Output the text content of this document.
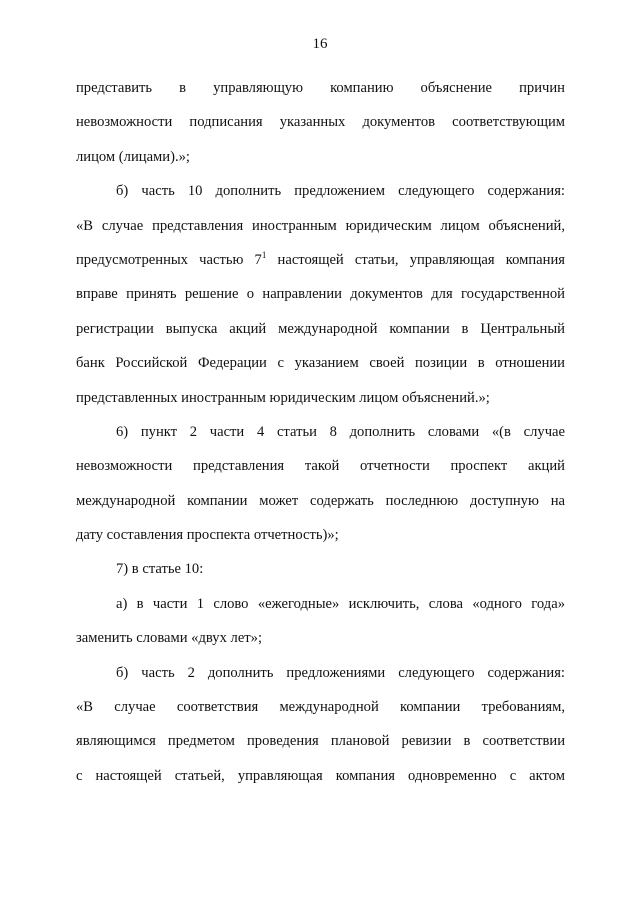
16
представить в управляющую компанию объяснение причин
невозможности подписания указанных документов соответствующим
лицом (лицами).»;
б) часть 10 дополнить предложением следующего содержания:
«В случае представления иностранным юридическим лицом объяснений,
предусмотренных частью $7^1$ настоящей статьи, управляющая компания
вправе принять решение о направлении документов для государственной
регистрации выпуска акций международной компании в Центральный
банк Российской Федерации с указанием своей позиции в отношении
представленных иностранным юридическим лицом объяснений.»;
6) пункт 2 части 4 статьи 8 дополнить словами «(в случае
невозможности представления такой отчетности проспект акций
международной компании может содержать последнюю доступную на
дату составления проспекта отчетность)»;
7) в статье 10:
а) в части 1 слово «ежегодные» исключить, слова «одного года»
заменить словами «двух лет»;
б) часть 2 дополнить предложениями следующего содержания:
«В случае соответствия международной компании требованиям,
являющимся предметом проведения плановой ревизии в соответствии
с настоящей статьей, управляющая компания одновременно с актом
